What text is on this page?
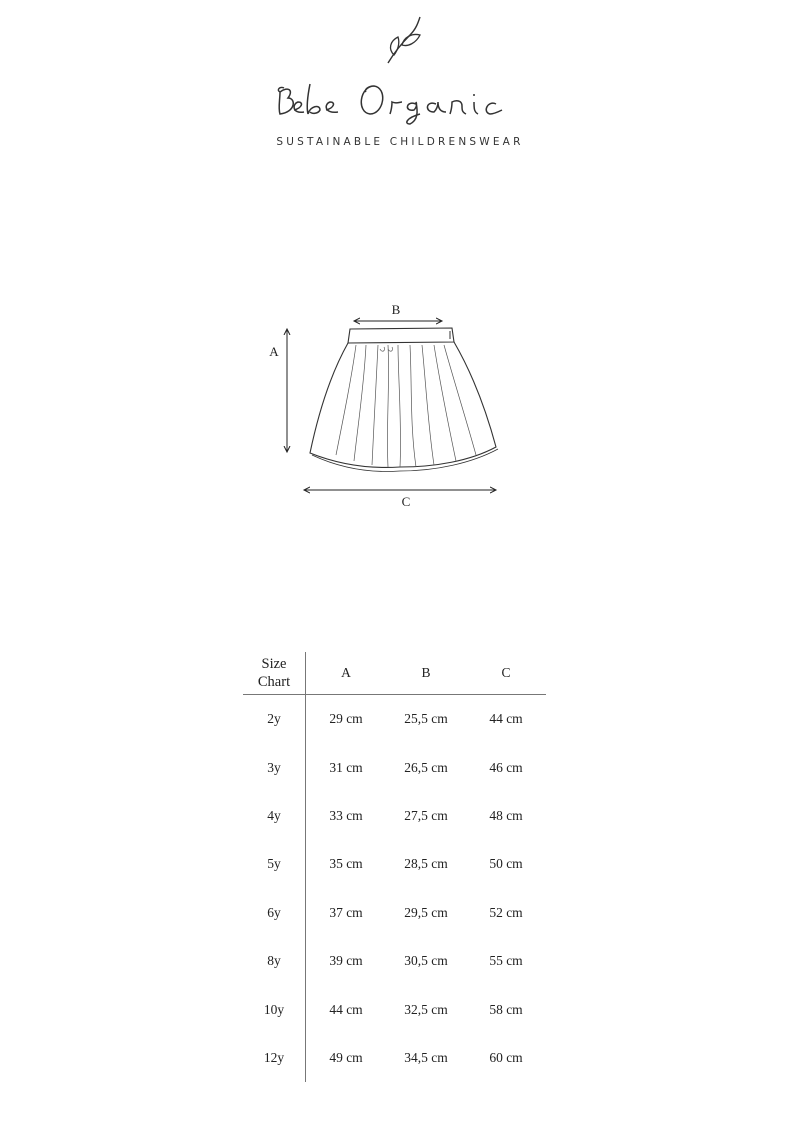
SUSTAINABLE CHILDRENSWEAR
B
A
C
Size
Chart	A	B	C
2y	29 cm	25,5 cm	44 cm
3y	31 cm	26,5 cm	46 cm
4y	33 cm	27,5 cm	48 cm
5y	35 cm	28,5 cm	50 cm
6y	37 cm	29,5 cm	52 cm
8y	39 cm	30,5 cm	55 cm
10y	44 cm	32,5 cm	58 cm
12y	49 cm	34,5 cm	60 cm
